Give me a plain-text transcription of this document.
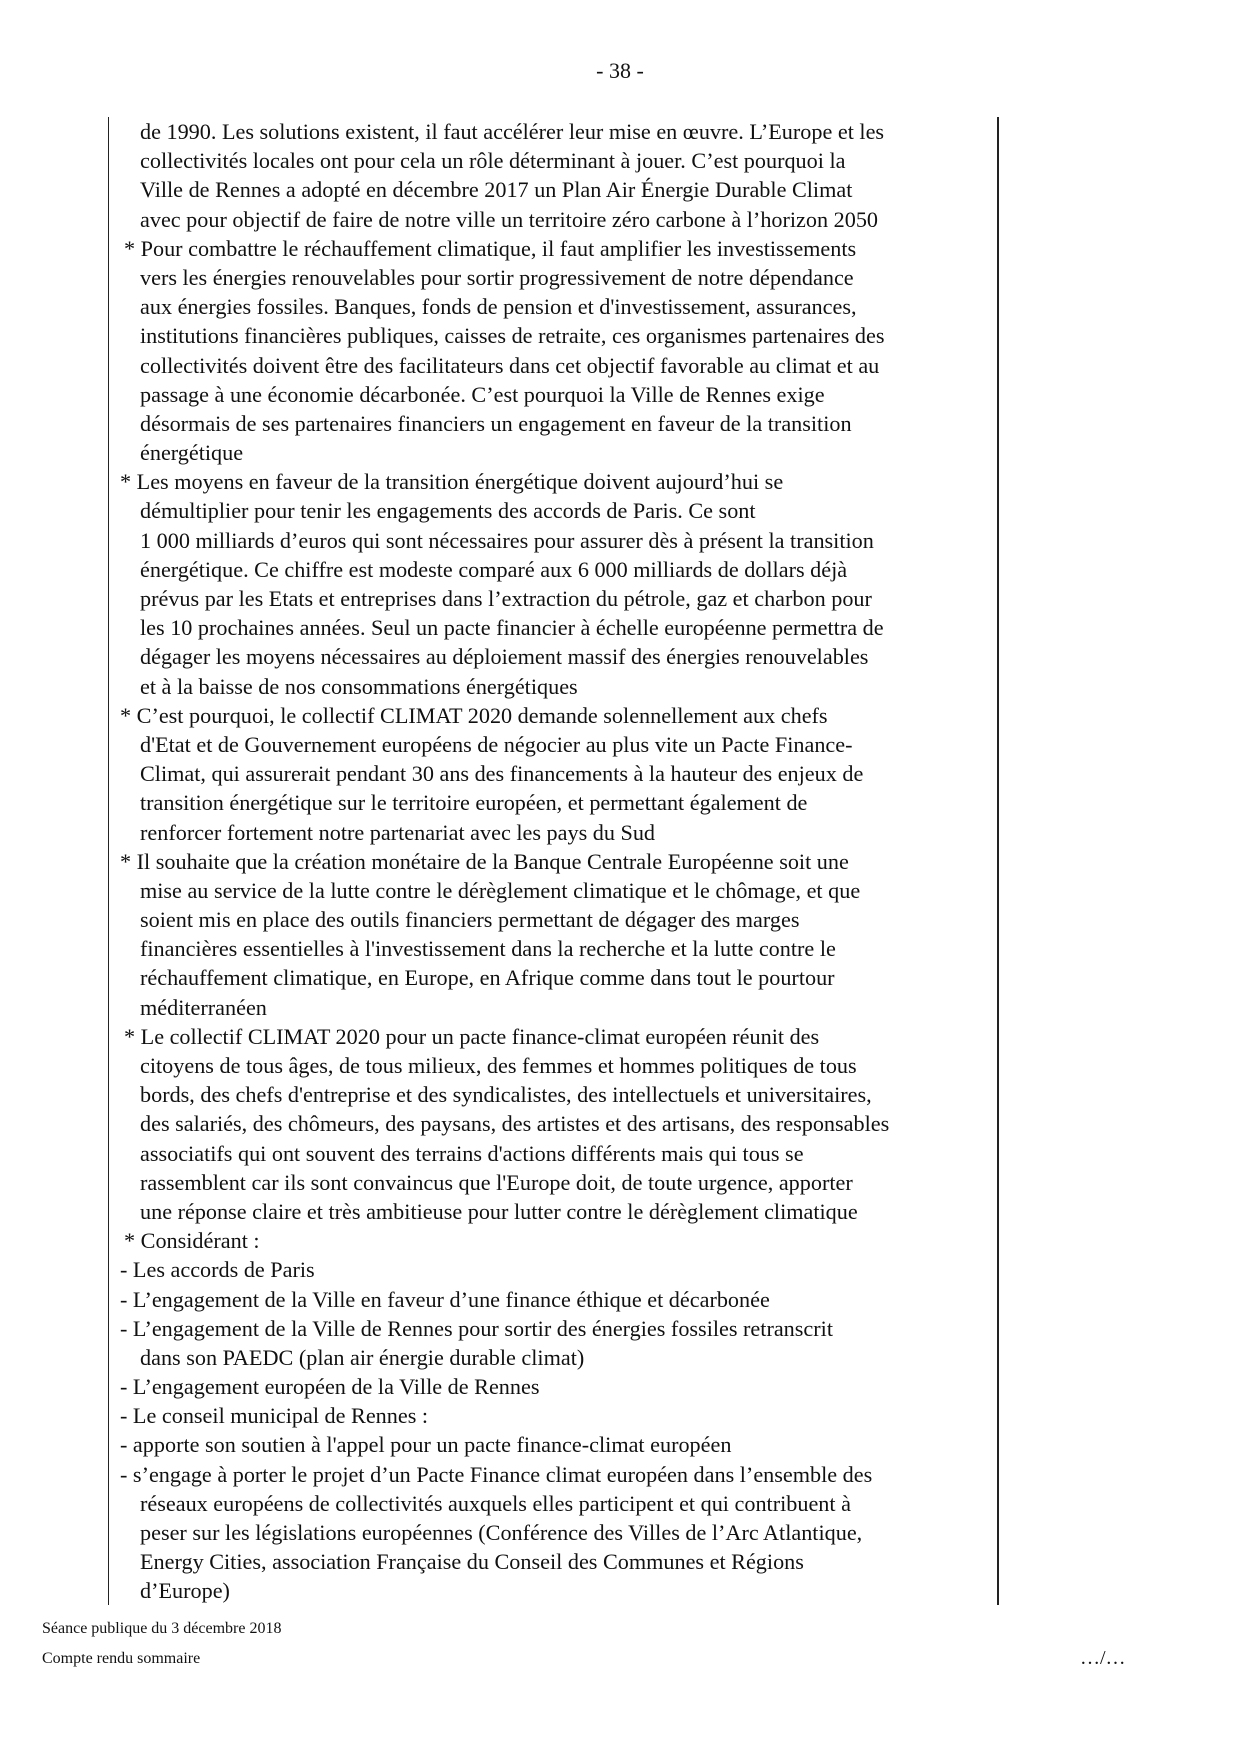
- 38 -
de 1990. Les solutions existent, il faut accélérer leur mise en œuvre. L’Europe et les
collectivités locales ont pour cela un rôle déterminant à jouer. C’est pourquoi la
Ville de Rennes a adopté en décembre 2017 un Plan Air Énergie Durable Climat
avec pour objectif de faire de notre ville un territoire zéro carbone à l’horizon 2050
* Pour combattre le réchauffement climatique, il faut amplifier les investissements
vers les énergies renouvelables pour sortir progressivement de notre dépendance
aux énergies fossiles. Banques, fonds de pension et d'investissement, assurances,
institutions financières publiques, caisses de retraite, ces organismes partenaires des
collectivités doivent être des facilitateurs dans cet objectif favorable au climat et au
passage à une économie décarbonée. C’est pourquoi la Ville de Rennes exige
désormais de ses partenaires financiers un engagement en faveur de la transition
énergétique
* Les moyens en faveur de la transition énergétique doivent aujourd’hui se
démultiplier pour tenir les engagements des accords de Paris. Ce sont
1 000 milliards d’euros qui sont nécessaires pour assurer dès à présent la transition
énergétique. Ce chiffre est modeste comparé aux 6 000 milliards de dollars déjà
prévus par les Etats et entreprises dans l’extraction du pétrole, gaz et charbon pour
les 10 prochaines années. Seul un pacte financier à échelle européenne permettra de
dégager les moyens nécessaires au déploiement massif des énergies renouvelables
et à la baisse de nos consommations énergétiques
* C’est pourquoi, le collectif CLIMAT 2020 demande solennellement aux chefs
d'Etat et de Gouvernement européens de négocier au plus vite un Pacte Finance-
Climat, qui assurerait pendant 30 ans des financements à la hauteur des enjeux de
transition énergétique sur le territoire européen, et permettant également de
renforcer fortement notre partenariat avec les pays du Sud
* Il souhaite que la création monétaire de la Banque Centrale Européenne soit une
mise au service de la lutte contre le dérèglement climatique et le chômage, et que
soient mis en place des outils financiers permettant de dégager des marges
financières essentielles à l'investissement dans la recherche et la lutte contre le
réchauffement climatique, en Europe, en Afrique comme dans tout le pourtour
méditerranéen
* Le collectif CLIMAT 2020 pour un pacte finance-climat européen réunit des
citoyens de tous âges, de tous milieux, des femmes et hommes politiques de tous
bords, des chefs d'entreprise et des syndicalistes, des intellectuels et universitaires,
des salariés, des chômeurs, des paysans, des artistes et des artisans, des responsables
associatifs qui ont souvent des terrains d'actions différents mais qui tous se
rassemblent car ils sont convaincus que l'Europe doit, de toute urgence, apporter
une réponse claire et très ambitieuse pour lutter contre le dérèglement climatique
* Considérant :
- Les accords de Paris
- L’engagement de la Ville en faveur d’une finance éthique et décarbonée
- L’engagement de la Ville de Rennes pour sortir des énergies fossiles retranscrit
dans son PAEDC (plan air énergie durable climat)
- L’engagement européen de la Ville de Rennes
- Le conseil municipal de Rennes :
- apporte son soutien à l'appel pour un pacte finance-climat européen
- s’engage à porter le projet d’un Pacte Finance climat européen dans l’ensemble des
réseaux européens de collectivités auxquels elles participent et qui contribuent à
peser sur les législations européennes (Conférence des Villes de l’Arc Atlantique,
Energy Cities, association Française du Conseil des Communes et Régions
d’Europe)
Séance publique du 3 décembre 2018
Compte rendu sommaire	…/…
